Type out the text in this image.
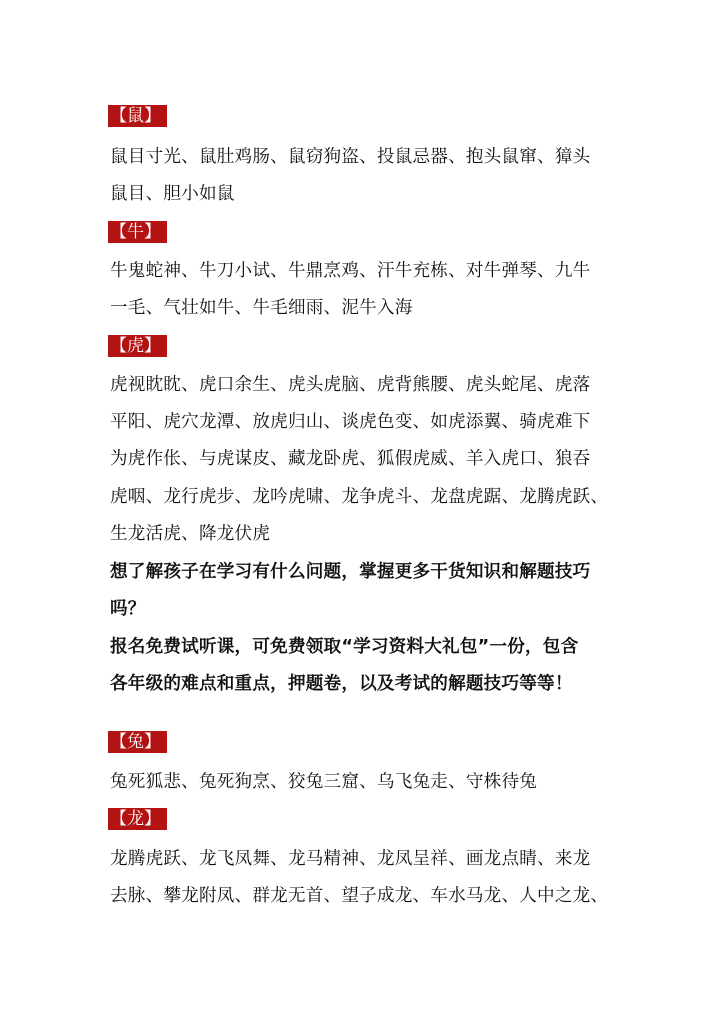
【鼠】
鼠目寸光、鼠肚鸡肠、鼠窃狗盗、投鼠忌器、抱头鼠窜、獐头
鼠目、胆小如鼠
【牛】
牛鬼蛇神、牛刀小试、牛鼎烹鸡、汗牛充栋、对牛弹琴、九牛
一毛、气壮如牛、牛毛细雨、泥牛入海
【虎】
虎视眈眈、虎口余生、虎头虎脑、虎背熊腰、虎头蛇尾、虎落
平阳、虎穴龙潭、放虎归山、谈虎色变、如虎添翼、骑虎难下
为虎作伥、与虎谋皮、藏龙卧虎、狐假虎威、羊入虎口、狼吞
虎咽、龙行虎步、龙吟虎啸、龙争虎斗、龙盘虎踞、龙腾虎跃、
生龙活虎、降龙伏虎
想了解孩子在学习有什么问题，掌握更多干货知识和解题技巧
吗？
报名免费试听课，可免费领取“学习资料大礼包”一份，包含
各年级的难点和重点，押题卷，以及考试的解题技巧等等！
【兔】
兔死狐悲、兔死狗烹、狡兔三窟、乌飞兔走、守株待兔
【龙】
龙腾虎跃、龙飞凤舞、龙马精神、龙凤呈祥、画龙点睛、来龙
去脉、攀龙附凤、群龙无首、望子成龙、车水马龙、人中之龙、
